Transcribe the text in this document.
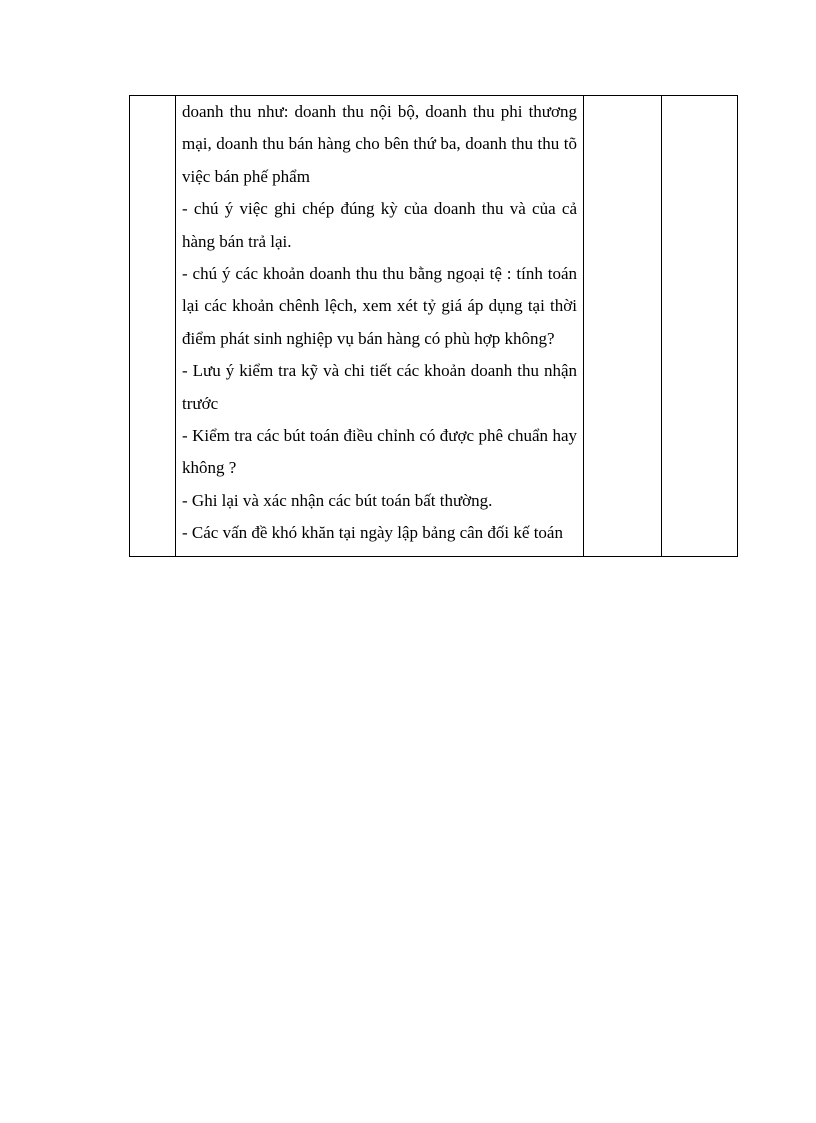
doanh thu như: doanh thu nội bộ, doanh thu phi thương mại, doanh thu bán hàng cho bên thứ ba, doanh thu thu tõ việc bán phế phẩm

- chú ý việc ghi chép đúng kỳ của doanh thu và của cả hàng bán trả lại.

- chú ý các khoản doanh thu thu bằng ngoại tệ : tính toán lại các khoản chênh lệch, xem xét tỷ giá áp dụng tại thời điểm phát sinh nghiệp vụ bán hàng có phù hợp không?

- Lưu ý kiểm tra kỹ và chi tiết các khoản doanh thu nhận trước

- Kiểm tra các bút toán điều chỉnh có được phê chuẩn hay không ?

- Ghi lại và xác nhận các bút toán bất thường.

- Các vấn đề khó khăn tại ngày lập bảng cân đối kế toán
